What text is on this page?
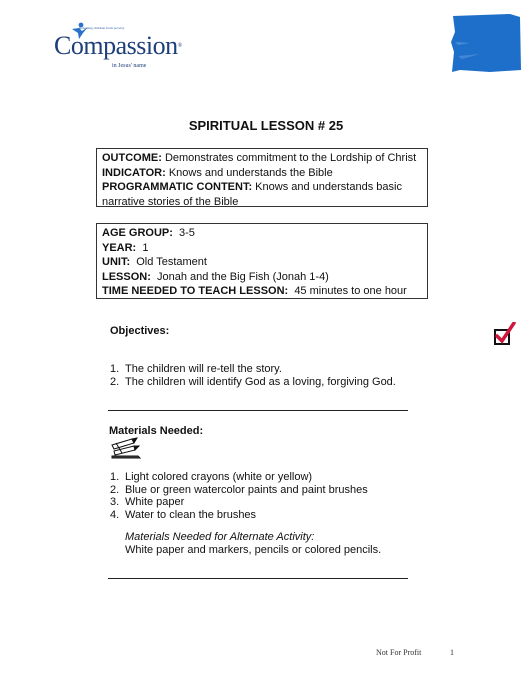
Releasing children from poverty
Compassion®
in Jesus' name
SPIRITUAL LESSON # 25
OUTCOME: Demonstrates commitment to the Lordship of Christ
INDICATOR: Knows and understands the Bible
PROGRAMMATIC CONTENT: Knows and understands basic
narrative stories of the Bible
AGE GROUP:  3-5
YEAR:  1
UNIT:  Old Testament
LESSON:  Jonah and the Big Fish (Jonah 1-4)
TIME NEEDED TO TEACH LESSON:  45 minutes to one hour
Objectives:
1. The children will re-tell the story.
2. The children will identify God as a loving, forgiving God.
Materials Needed:
1. Light colored crayons (white or yellow)
2. Blue or green watercolor paints and paint brushes
3. White paper
4. Water to clean the brushes
Materials Needed for Alternate Activity:
White paper and markers, pencils or colored pencils.
Not For Profit	1
